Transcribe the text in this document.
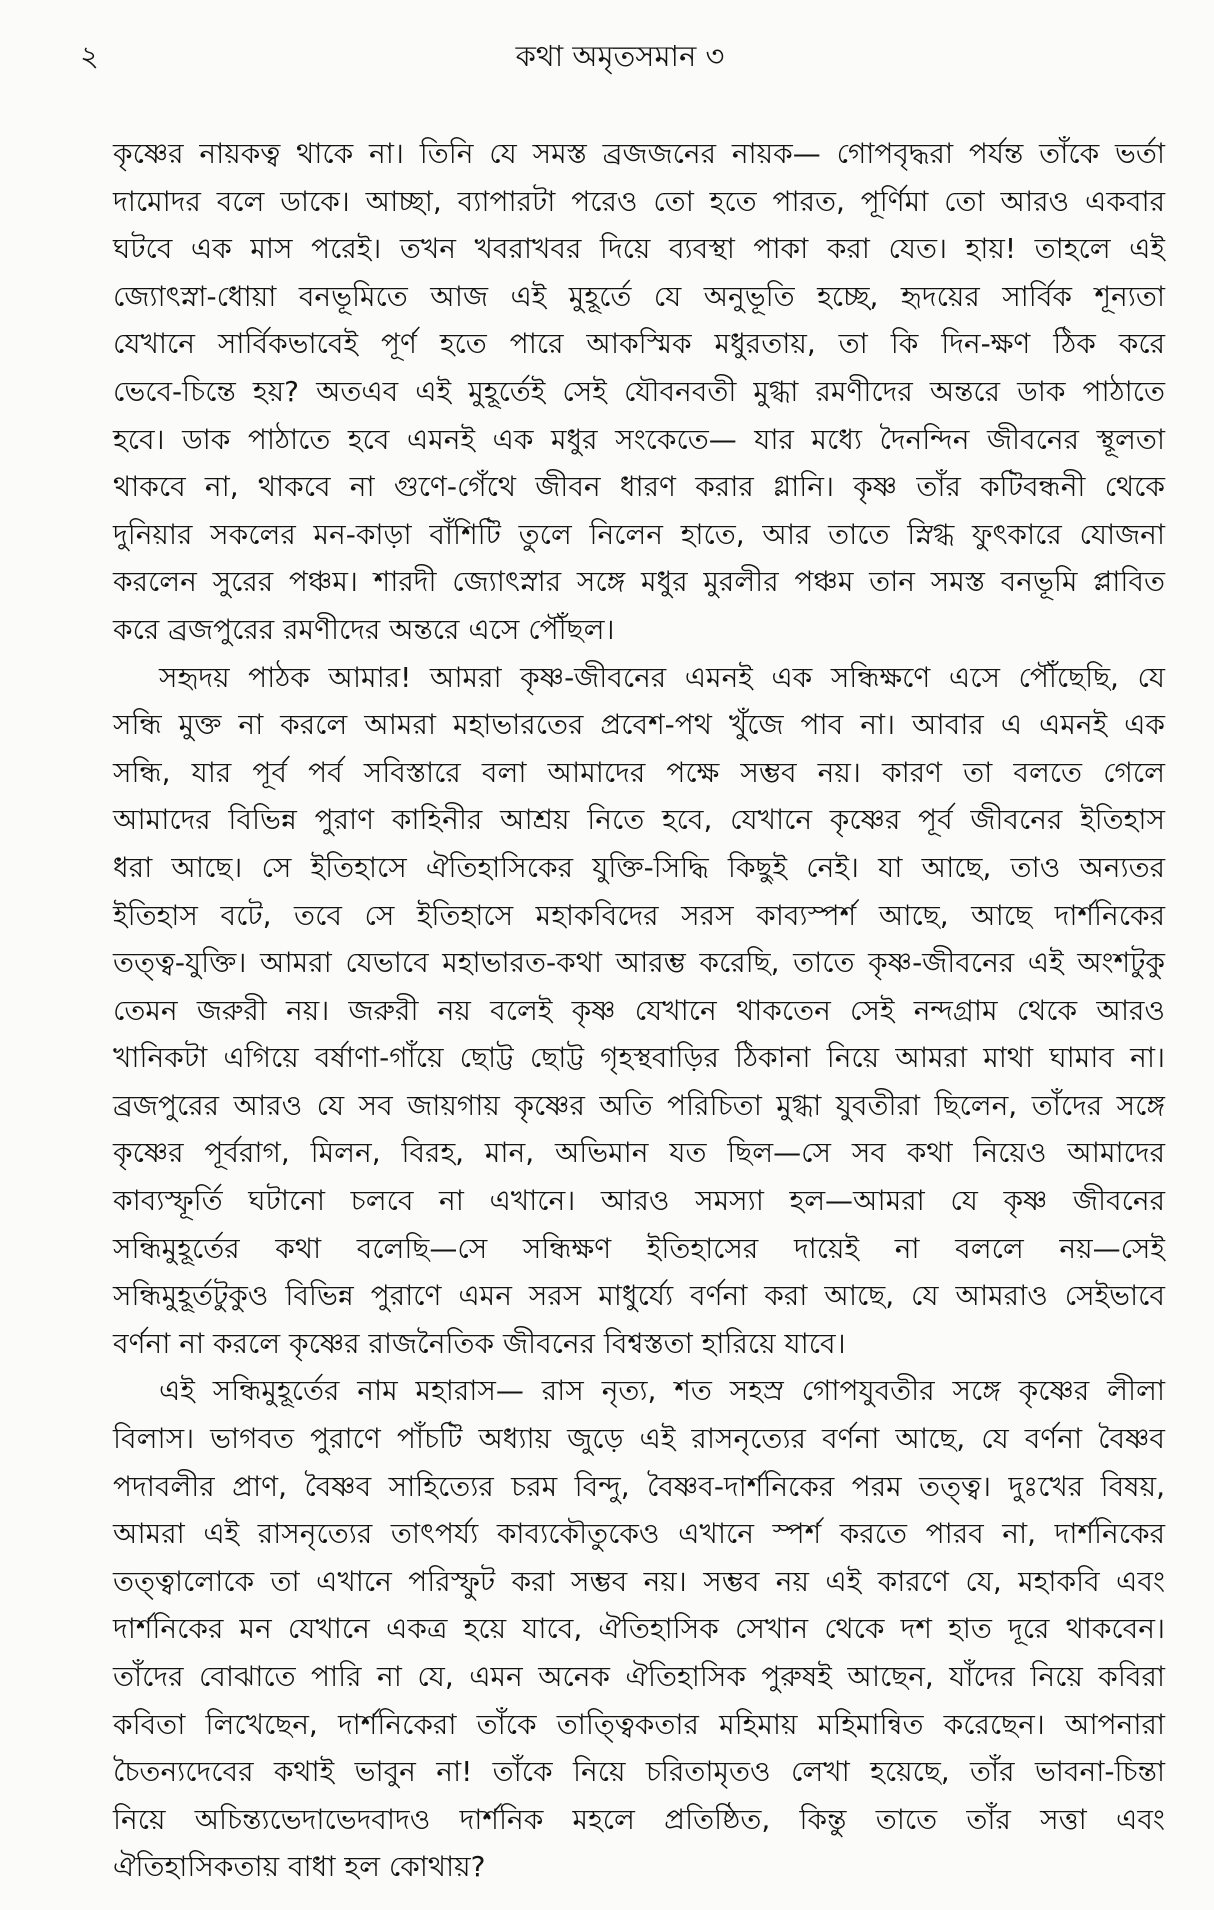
২	কথা অমৃতসমান ৩
কৃষ্ণের নায়কত্ব থাকে না। তিনি যে সমস্ত ব্রজজনের নায়ক— গোপবৃদ্ধরা পর্যন্ত তাঁকে ভর্তা
দামোদর বলে ডাকে। আচ্ছা, ব্যাপারটা পরেও তো হতে পারত, পূর্ণিমা তো আরও একবার
ঘটবে এক মাস পরেই। তখন খবরাখবর দিয়ে ব্যবস্থা পাকা করা যেত। হায়! তাহলে এই
জ্যোৎস্না-ধোয়া বনভূমিতে আজ এই মুহূর্তে যে অনুভূতি হচ্ছে, হৃদয়ের সার্বিক শূন্যতা
যেখানে সার্বিকভাবেই পূর্ণ হতে পারে আকস্মিক মধুরতায়, তা কি দিন-ক্ষণ ঠিক করে
ভেবে-চিন্তে হয়? অতএব এই মুহূর্তেই সেই যৌবনবতী মুগ্ধা রমণীদের অন্তরে ডাক পাঠাতে
হবে। ডাক পাঠাতে হবে এমনই এক মধুর সংকেতে— যার মধ্যে দৈনন্দিন জীবনের স্থূলতা
থাকবে না, থাকবে না গুণে-গেঁথে জীবন ধারণ করার গ্লানি। কৃষ্ণ তাঁর কটিবন্ধনী থেকে
দুনিয়ার সকলের মন-কাড়া বাঁশিটি তুলে নিলেন হাতে, আর তাতে স্নিগ্ধ ফুৎকারে যোজনা
করলেন সুরের পঞ্চম। শারদী জ্যোৎস্নার সঙ্গে মধুর মুরলীর পঞ্চম তান সমস্ত বনভূমি প্লাবিত
করে ব্রজপুরের রমণীদের অন্তরে এসে পৌঁছল।
সহৃদয় পাঠক আমার! আমরা কৃষ্ণ-জীবনের এমনই এক সন্ধিক্ষণে এসে পৌঁছেছি, যে
সন্ধি মুক্ত না করলে আমরা মহাভারতের প্রবেশ-পথ খুঁজে পাব না। আবার এ এমনই এক
সন্ধি, যার পূর্ব পর্ব সবিস্তারে বলা আমাদের পক্ষে সম্ভব নয়। কারণ তা বলতে গেলে
আমাদের বিভিন্ন পুরাণ কাহিনীর আশ্রয় নিতে হবে, যেখানে কৃষ্ণের পূর্ব জীবনের ইতিহাস
ধরা আছে। সে ইতিহাসে ঐতিহাসিকের যুক্তি-সিদ্ধি কিছুই নেই। যা আছে, তাও অন্যতর
ইতিহাস বটে, তবে সে ইতিহাসে মহাকবিদের সরস কাব্যস্পর্শ আছে, আছে দার্শনিকের
তত্ত্ব-যুক্তি। আমরা যেভাবে মহাভারত-কথা আরম্ভ করেছি, তাতে কৃষ্ণ-জীবনের এই অংশটুকু
তেমন জরুরী নয়। জরুরী নয় বলেই কৃষ্ণ যেখানে থাকতেন সেই নন্দগ্রাম থেকে আরও
খানিকটা এগিয়ে বর্ষাণা-গাঁয়ে ছোট্ট ছোট্ট গৃহস্থবাড়ির ঠিকানা নিয়ে আমরা মাথা ঘামাব না।
ব্রজপুরের আরও যে সব জায়গায় কৃষ্ণের অতি পরিচিতা মুগ্ধা যুবতীরা ছিলেন, তাঁদের সঙ্গে
কৃষ্ণের পূর্বরাগ, মিলন, বিরহ, মান, অভিমান যত ছিল—সে সব কথা নিয়েও আমাদের
কাব্যস্ফূর্তি ঘটানো চলবে না এখানে। আরও সমস্যা হল—আমরা যে কৃষ্ণ জীবনের
সন্ধিমুহূর্তের কথা বলেছি—সে সন্ধিক্ষণ ইতিহাসের দায়েই না বললে নয়—সেই
সন্ধিমুহূর্তটুকুও বিভিন্ন পুরাণে এমন সরস মাধুর্য্যে বর্ণনা করা আছে, যে আমরাও সেইভাবে
বর্ণনা না করলে কৃষ্ণের রাজনৈতিক জীবনের বিশ্বস্ততা হারিয়ে যাবে।
এই সন্ধিমুহূর্তের নাম মহারাস— রাস নৃত্য, শত সহস্র গোপযুবতীর সঙ্গে কৃষ্ণের লীলা
বিলাস। ভাগবত পুরাণে পাঁচটি অধ্যায় জুড়ে এই রাসনৃত্যের বর্ণনা আছে, যে বর্ণনা বৈষ্ণব
পদাবলীর প্রাণ, বৈষ্ণব সাহিত্যের চরম বিন্দু, বৈষ্ণব-দার্শনিকের পরম তত্ত্ব। দুঃখের বিষয়,
আমরা এই রাসনৃত্যের তাৎপর্য্য কাব্যকৌতুকেও এখানে স্পর্শ করতে পারব না, দার্শনিকের
তত্ত্বালোকে তা এখানে পরিস্ফুট করা সম্ভব নয়। সম্ভব নয় এই কারণে যে, মহাকবি এবং
দার্শনিকের মন যেখানে একত্র হয়ে যাবে, ঐতিহাসিক সেখান থেকে দশ হাত দূরে থাকবেন।
তাঁদের বোঝাতে পারি না যে, এমন অনেক ঐতিহাসিক পুরুষই আছেন, যাঁদের নিয়ে কবিরা
কবিতা লিখেছেন, দার্শনিকেরা তাঁকে তাত্ত্বিকতার মহিমায় মহিমান্বিত করেছেন। আপনারা
চৈতন্যদেবের কথাই ভাবুন না! তাঁকে নিয়ে চরিতামৃতও লেখা হয়েছে, তাঁর ভাবনা-চিন্তা
নিয়ে অচিন্ত্যভেদাভেদবাদও দার্শনিক মহলে প্রতিষ্ঠিত, কিন্তু তাতে তাঁর সত্তা এবং
ঐতিহাসিকতায় বাধা হল কোথায়?
